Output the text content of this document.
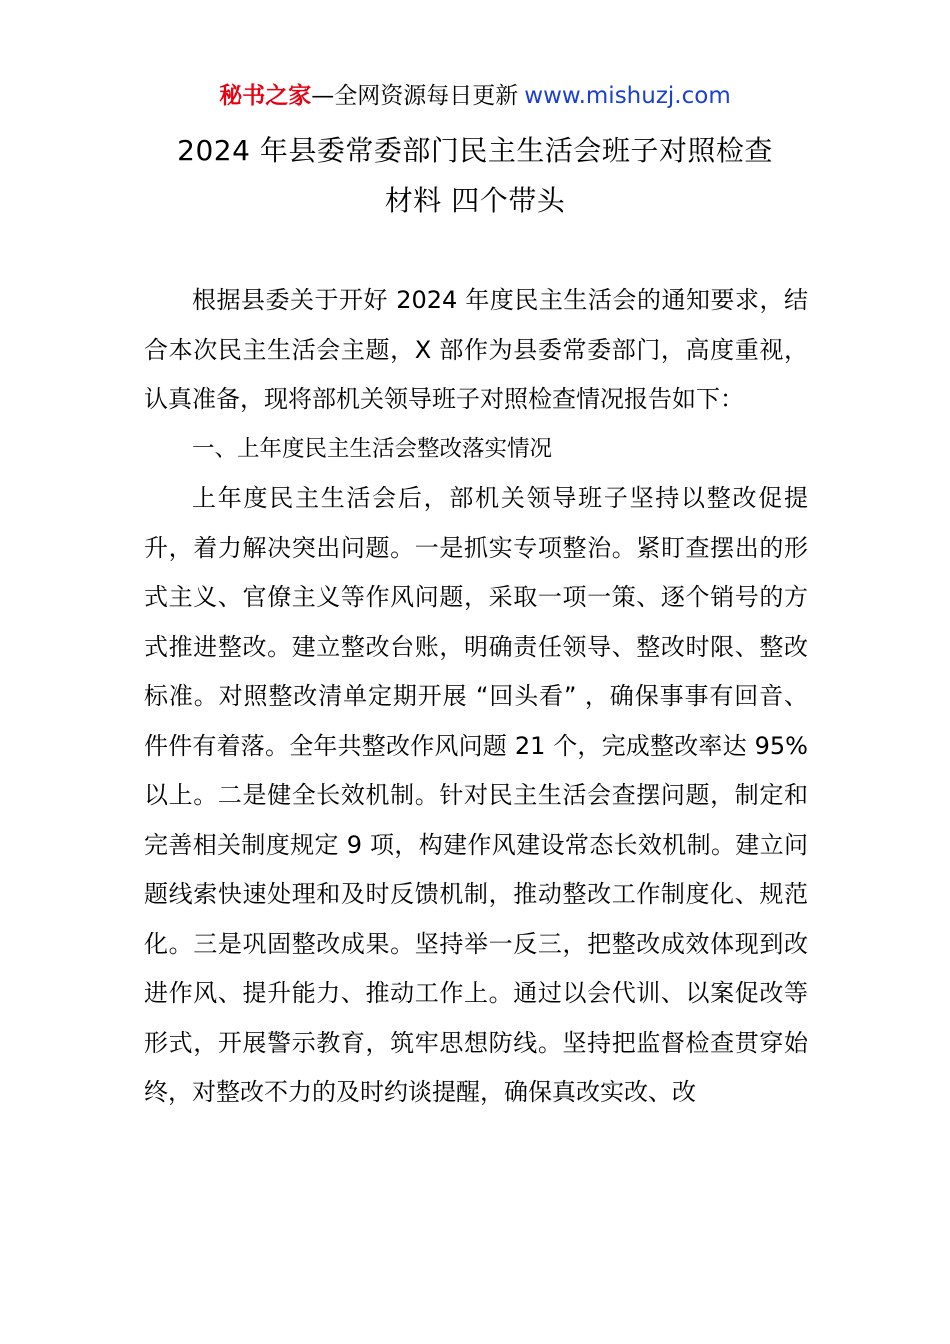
秘书之家—全网资源每日更新 www.mishuzj.com
2024 年县委常委部门民主生活会班子对照检查
材料 四个带头

根据县委关于开好 2024 年度民主生活会的通知要求，结合本次民主生活会主题，X 部作为县委常委部门，高度重视，认真准备，现将部机关领导班子对照检查情况报告如下：

一、上年度民主生活会整改落实情况

上年度民主生活会后，部机关领导班子坚持以整改促提升，着力解决突出问题。一是抓实专项整治。紧盯查摆出的形式主义、官僚主义等作风问题，采取一项一策、逐个销号的方式推进整改。建立整改台账，明确责任领导、整改时限、整改标准。对照整改清单定期开展 “回头看” ，确保事事有回音、件件有着落。全年共整改作风问题 21 个，完成整改率达 95%以上。二是健全长效机制。针对民主生活会查摆问题，制定和完善相关制度规定 9 项，构建作风建设常态长效机制。建立问题线索快速处理和及时反馈机制，推动整改工作制度化、规范化。三是巩固整改成果。坚持举一反三，把整改成效体现到改进作风、提升能力、推动工作上。通过以会代训、以案促改等形式，开展警示教育，筑牢思想防线。坚持把监督检查贯穿始终，对整改不力的及时约谈提醒，确保真改实改、改
